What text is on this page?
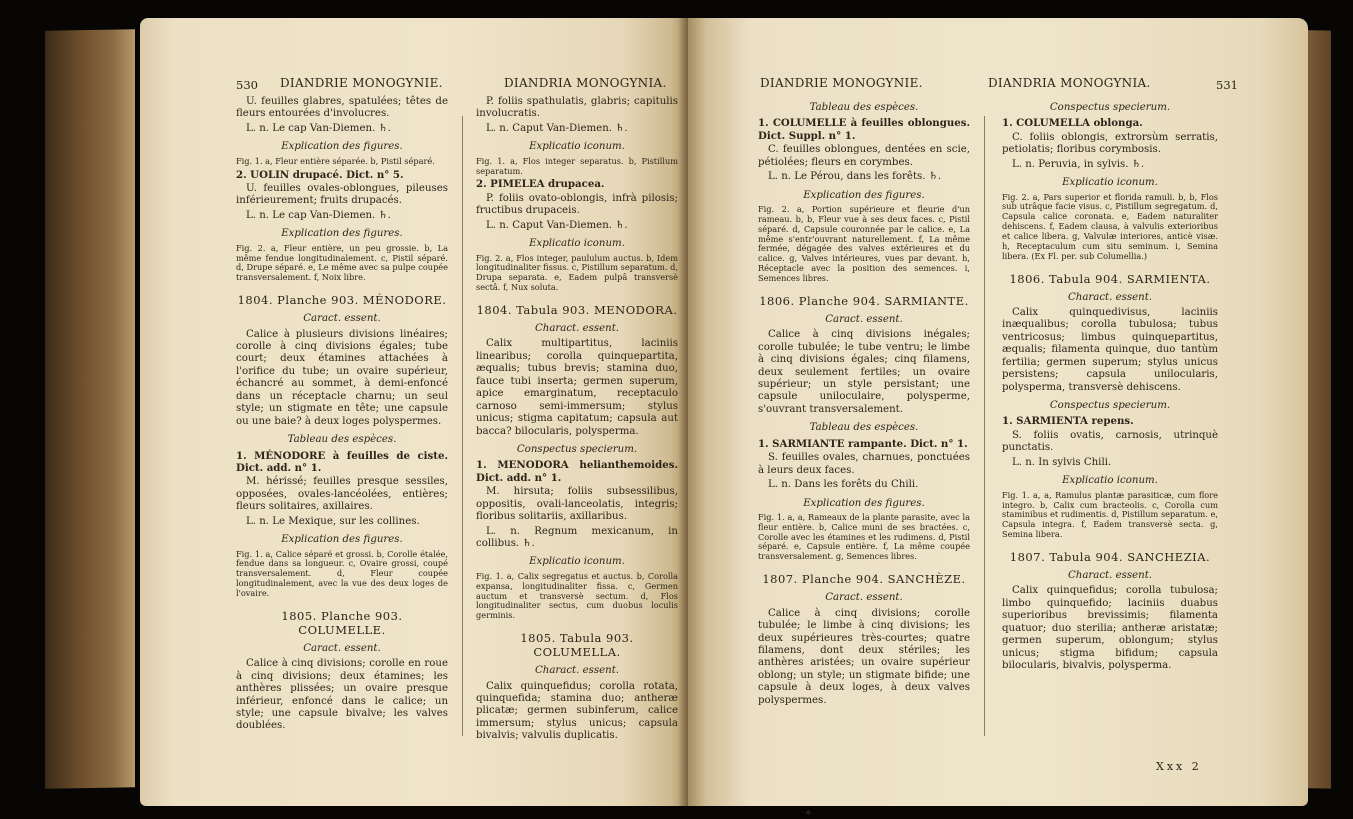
530 DIANDRIE MONOGYNIE.	DIANDRIA MONOGYNIA.

U. feuilles glabres, spatulées; têtes de fleurs entourées d'involucres.

L. n. Le cap Van-Diemen. ♄.

Explication des figures.

Fig. 1. a, Fleur entière séparée. b, Pistil séparé.

2. UOLIN drupacé. Dict. n° 5.

U. feuilles ovales-oblongues, pileuses inférieurement; fruits drupacés.

L. n. Le cap Van-Diemen. ♄.

Explication des figures.

Fig. 2. a, Fleur entière, un peu grossie. b, La même fendue longitudinalement. c, Pistil séparé. d, Drupe séparé. e, Le même avec sa pulpe coupée transversalement. f, Noix libre.

1804. Planche 903. MÉNODORE.

Caract. essent.

Calice à plusieurs divisions linéaires; corolle à cinq divisions égales; tube court; deux étamines attachées à l'orifice du tube; un ovaire supérieur, échancré au sommet, à demi-enfoncé dans un réceptacle charnu; un seul style; un stigmate en tête; une capsule ou une baie? à deux loges polyspermes.

Tableau des espèces.

1. MÉNODORE à feuilles de ciste. Dict. add. n° 1.

M. hérissé; feuilles presque sessiles, opposées, ovales-lancéolées, entières; fleurs solitaires, axillaires.

L. n. Le Mexique, sur les collines.

Explication des figures.

Fig. 1. a, Calice séparé et grossi. b, Corolle étalée, fendue dans sa longueur. c, Ovaire grossi, coupé transversalement. d, Fleur coupée longitudinalement, avec la vue des deux loges de l'ovaire.

1805. Planche 903. COLUMELLE.

Caract. essent.

Calice à cinq divisions; corolle en roue à cinq divisions; deux étamines; les anthères plissées; un ovaire presque inférieur, enfoncé dans le calice; un style; une capsule bivalve; les valves doublées.

P. foliis spathulatis, glabris; capitulis involucratis.

L. n. Caput Van-Diemen. ♄.

Explicatio iconum.

Fig. 1. a, Flos integer separatus. b, Pistillum separatum.

2. PIMELEA drupacea.

P. foliis ovato-oblongis, infrà pilosis; fructibus drupaceis.

L. n. Caput Van-Diemen. ♄.

Explicatio iconum.

Fig. 2. a, Flos integer, paululum auctus. b, Idem longitudinaliter fissus. c, Pistillum separatum. d, Drupa separata. e, Eadem pulpâ transversè sectâ. f, Nux soluta.

1804. Tabula 903. MENODORA.

Charact. essent.

Calix multipartitus, laciniis linearibus; corolla quinquepartita, æqualis; tubus brevis; stamina duo, fauce tubi inserta; germen superum, apice emarginatum, receptaculo carnoso semi-immersum; stylus unicus; stigma capitatum; capsula aut bacca? bilocularis, polysperma.

Conspectus specierum.

1. MENODORA helianthemoides. Dict. add. n° 1.

M. hirsuta; foliis subsessilibus, oppositis, ovali-lanceolatis, integris; floribus solitariis, axillaribus.

L. n. Regnum mexicanum, in collibus. ♄.

Explicatio iconum.

Fig. 1. a, Calix segregatus et auctus. b, Corolla expansa, longitudinaliter fissa. c, Germen auctum et transversè sectum. d, Flos longitudinaliter sectus, cum duobus loculis germinis.

1805. Tabula 903. COLUMELLA.

Charact. essent.

Calix quinquefidus; corolla rotata, quinquefida; stamina duo; antheræ plicatæ; germen subinferum, calice immersum; stylus unicus; capsula bivalvis; valvulis duplicatis.

DIANDRIE MONOGYNIE.	DIANDRIA MONOGYNIA.	531

Tableau des espèces.

1. COLUMELLE à feuilles oblongues. Dict. Suppl. n° 1.

C. feuilles oblongues, dentées en scie, pétiolées; fleurs en corymbes.

L. n. Le Pérou, dans les forêts. ♄.

Explication des figures.

Fig. 2. a, Portion supérieure et fleurie d'un rameau. b, b, Fleur vue à ses deux faces. c, Pistil séparé. d, Capsule couronnée par le calice. e, La même s'entr'ouvrant naturellement. f, La même fermée, dégagée des valves extérieures et du calice. g, Valves intérieures, vues par devant. h, Réceptacle avec la position des semences. i, Semences libres.

1806. Planche 904. SARMIANTE.

Caract. essent.

Calice à cinq divisions inégales; corolle tubulée; le tube ventru; le limbe à cinq divisions égales; cinq filamens, deux seulement fertiles; un ovaire supérieur; un style persistant; une capsule uniloculaire, polysperme, s'ouvrant transversalement.

Tableau des espèces.

1. SARMIANTE rampante. Dict. n° 1.

S. feuilles ovales, charnues, ponctuées à leurs deux faces.

L. n. Dans les forêts du Chili.

Explication des figures.

Fig. 1. a, a, Rameaux de la plante parasite, avec la fleur entière. b, Calice muni de ses bractées. c, Corolle avec les étamines et les rudimens. d, Pistil séparé. e, Capsule entière. f, La même coupée transversalement. g, Semences libres.

1807. Planche 904. SANCHÈZE.

Caract. essent.

Calice à cinq divisions; corolle tubulée; le limbe à cinq divisions; les deux supérieures très-courtes; quatre filamens, dont deux stériles; les anthères aristées; un ovaire supérieur oblong; un style; un stigmate bifide; une capsule à deux loges, à deux valves polyspermes.

Conspectus specierum.

1. COLUMELLA oblonga.

C. foliis oblongis, extrorsùm serratis, petiolatis; floribus corymbosis.

L. n. Peruvia, in sylvis. ♄.

Explicatio iconum.

Fig. 2. a, Pars superior et florida ramuli. b, b, Flos sub utrâque facie visus. c, Pistillum segregatum. d, Capsula calice coronata. e, Eadem naturaliter dehiscens. f, Eadem clausa, à valvulis exterioribus et calice libera. g, Valvulæ interiores, anticè visæ. h, Receptaculum cum situ seminum. i, Semina libera. (Ex Fl. per. sub Columellia.)

1806. Tabula 904. SARMIENTA.

Charact. essent.

Calix quinquedivisus, laciniis inæqualibus; corolla tubulosa; tubus ventricosus; limbus quinquepartitus, æqualis; filamenta quinque, duo tantùm fertilia; germen superum; stylus unicus persistens; capsula unilocularis, polysperma, transversè dehiscens.

Conspectus specierum.

1. SARMIENTA repens.

S. foliis ovatis, carnosis, utrinquè punctatis.

L. n. In sylvis Chili.

Explicatio iconum.

Fig. 1. a, a, Ramulus plantæ parasiticæ, cum flore integro. b, Calix cum bracteolis. c, Corolla cum staminibus et rudimentis. d, Pistillum separatum. e, Capsula integra. f, Eadem transversè secta. g, Semina libera.

1807. Tabula 904. SANCHEZIA.

Charact. essent.

Calix quinquefidus; corolla tubulosa; limbo quinquefido; laciniis duabus superioribus brevissimis; filamenta quatuor; duo sterilia; antheræ aristatæ; germen superum, oblongum; stylus unicus; stigma bifidum; capsula bilocularis, bivalvis, polysperma.

Xxx 2
✦
